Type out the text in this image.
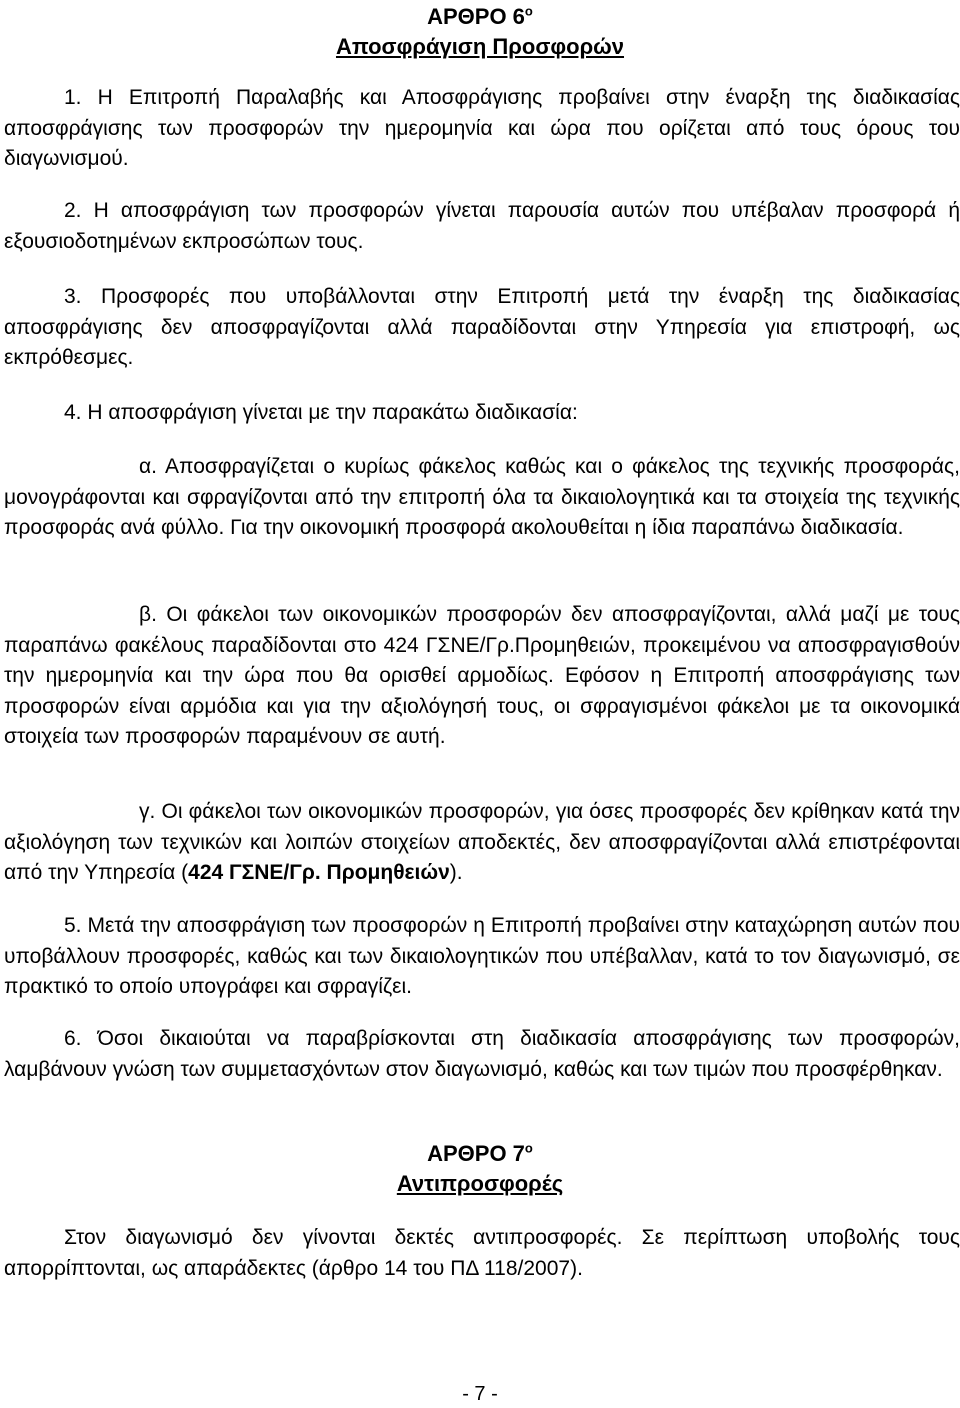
ΑΡΘΡΟ $6^o$
Αποσφράγιση Προσφορών
1. Η Επιτροπή Παραλαβής και Αποσφράγισης προβαίνει στην έναρξη της διαδικασίας αποσφράγισης των προσφορών την ημερομηνία και ώρα που ορίζεται από τους όρους του διαγωνισμού.
2. Η αποσφράγιση των προσφορών γίνεται παρουσία αυτών που υπέβαλαν προσφορά ή εξουσιοδοτημένων εκπροσώπων τους.
3. Προσφορές που υποβάλλονται στην Επιτροπή μετά την έναρξη της διαδικασίας αποσφράγισης δεν αποσφραγίζονται αλλά παραδίδονται στην Υπηρεσία για επιστροφή, ως εκπρόθεσμες.
4. Η αποσφράγιση γίνεται με την παρακάτω διαδικασία:
α. Αποσφραγίζεται ο κυρίως φάκελος καθώς και ο φάκελος της τεχνικής προσφοράς, μονογράφονται και σφραγίζονται από την επιτροπή όλα τα δικαιολογητικά και τα στοιχεία της τεχνικής προσφοράς ανά φύλλο. Για την οικονομική προσφορά ακολουθείται η ίδια παραπάνω διαδικασία.
β. Οι φάκελοι των οικονομικών προσφορών δεν αποσφραγίζονται, αλλά μαζί με τους παραπάνω φακέλους παραδίδονται στο 424 ΓΣΝΕ/Γρ.Προμηθειών, προκειμένου να αποσφραγισθούν την ημερομηνία και την ώρα που θα ορισθεί αρμοδίως. Εφόσον η Επιτροπή αποσφράγισης των προσφορών είναι αρμόδια και για την αξιολόγησή τους, οι σφραγισμένοι φάκελοι με τα οικονομικά στοιχεία των προσφορών παραμένουν σε αυτή.
γ. Οι φάκελοι των οικονομικών προσφορών, για όσες προσφορές δεν κρίθηκαν κατά την αξιολόγηση των τεχνικών και λοιπών στοιχείων αποδεκτές, δεν αποσφραγίζονται αλλά επιστρέφονται από την Υπηρεσία (424 ΓΣΝΕ/Γρ. Προμηθειών).
5. Μετά την αποσφράγιση των προσφορών η Επιτροπή προβαίνει στην καταχώρηση αυτών που υποβάλλουν προσφορές, καθώς και των δικαιολογητικών που υπέβαλλαν, κατά το τον διαγωνισμό, σε πρακτικό το οποίο υπογράφει και σφραγίζει.
6. Όσοι δικαιούται να παραβρίσκονται στη διαδικασία αποσφράγισης των προσφορών, λαμβάνουν γνώση των συμμετασχόντων στον διαγωνισμό, καθώς και των τιμών που προσφέρθηκαν.
ΑΡΘΡΟ $7^o$
Αντιπροσφορές
Στον διαγωνισμό δεν γίνονται δεκτές αντιπροσφορές. Σε περίπτωση υποβολής τους απορρίπτονται, ως απαράδεκτες (άρθρο 14 του ΠΔ 118/2007).
- 7 -
